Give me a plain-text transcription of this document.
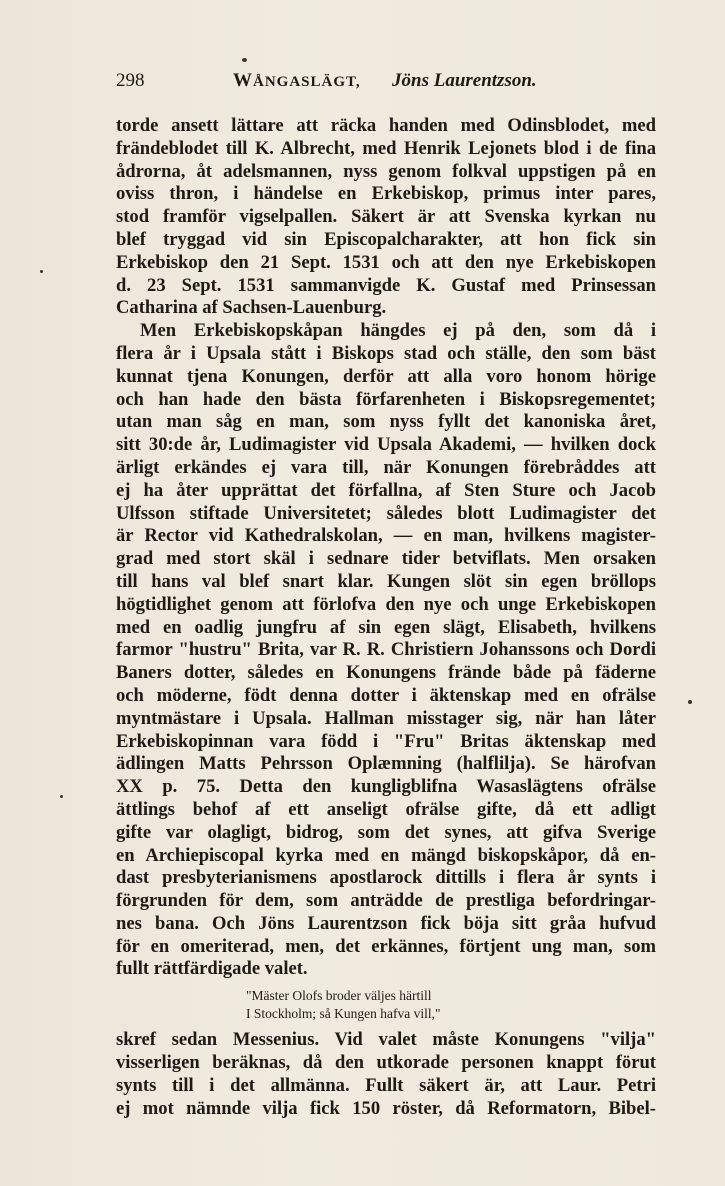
298	WÅNGASLÄGT, Jöns Laurentzson.
torde ansett lättare att räcka handen med Odinsblodet, med
frändeblodet till K. Albrecht, med Henrik Lejonets blod i de fina
ådrorna, åt adelsmannen, nyss genom folkval uppstigen på en
oviss thron, i händelse en Erkebiskop, primus inter pares,
stod framför vigselpallen. Säkert är att Svenska kyrkan nu
blef tryggad vid sin Episcopalcharakter, att hon fick sin
Erkebiskop den 21 Sept. 1531 och att den nye Erkebiskopen
d. 23 Sept. 1531 sammanvigde K. Gustaf med Prinsessan
Catharina af Sachsen-Lauenburg.
Men Erkebiskopskåpan hängdes ej på den, som då i
flera år i Upsala stått i Biskops stad och ställe, den som bäst
kunnat tjena Konungen, derför att alla voro honom hörige
och han hade den bästa förfarenheten i Biskopsregementet;
utan man såg en man, som nyss fyllt det kanoniska året,
sitt 30:de år, Ludimagister vid Upsala Akademi, — hvilken dock
ärligt erkändes ej vara till, när Konungen förebråddes att
ej ha åter upprättat det förfallna, af Sten Sture och Jacob
Ulfsson stiftade Universitetet; således blott Ludimagister det
är Rector vid Kathedralskolan, — en man, hvilkens magister-
grad med stort skäl i sednare tider betviflats. Men orsaken
till hans val blef snart klar. Kungen slöt sin egen bröllops
högtidlighet genom att förlofva den nye och unge Erkebiskopen
med en oadlig jungfru af sin egen slägt, Elisabeth, hvilkens
farmor "hustru" Brita, var R. R. Christiern Johanssons och Dordi
Baners dotter, således en Konungens frände både på fäderne
och möderne, födt denna dotter i äktenskap med en ofrälse
myntmästare i Upsala. Hallman misstager sig, när han låter
Erkebiskopinnan vara född i "Fru" Britas äktenskap med
ädlingen Matts Pehrsson Oplæmning (halflilja). Se härofvan
XX p. 75. Detta den kungligblifna Wasaslägtens ofrälse
ättlings behof af ett anseligt ofrälse gifte, då ett adligt
gifte var olagligt, bidrog, som det synes, att gifva Sverige
en Archiepiscopal kyrka med en mängd biskopskåpor, då en-
dast presbyterianismens apostlarock dittills i flera år synts i
förgrunden för dem, som anträdde de prestliga befordringar-
nes bana. Och Jöns Laurentzson fick böja sitt gråa hufvud
för en omeriterad, men, det erkännes, förtjent ung man, som
fullt rättfärdigade valet.
"Mäster Olofs broder väljes härtill
I Stockholm; så Kungen hafva vill,"
skref sedan Messenius. Vid valet måste Konungens "vilja"
visserligen beräknas, då den utkorade personen knappt förut
synts till i det allmänna. Fullt säkert är, att Laur. Petri
ej mot nämnde vilja fick 150 röster, då Reformatorn, Bibel-
